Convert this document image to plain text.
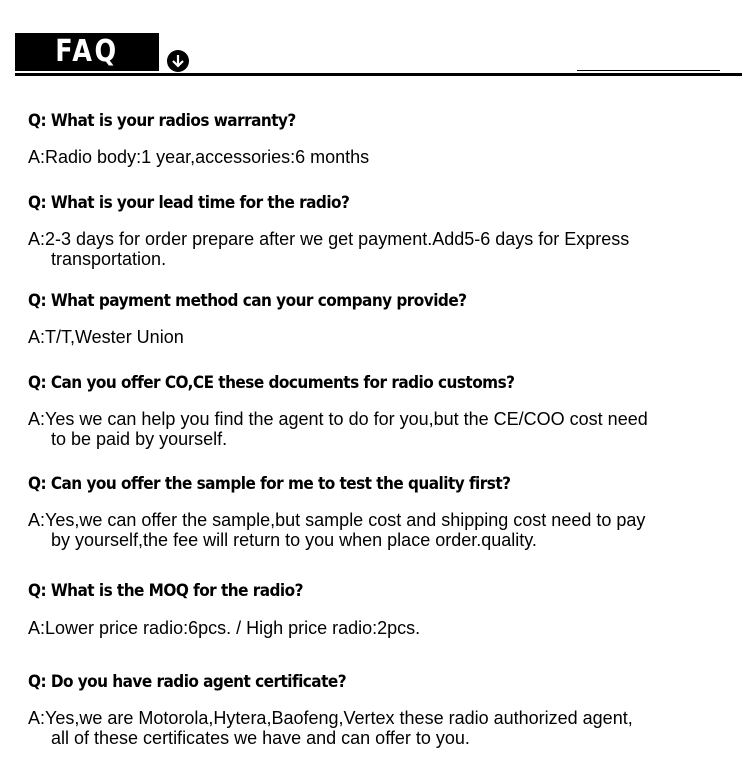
FAQ
Q: What is your radios warranty?
A:Radio body:1 year,accessories:6 months
Q: What is your lead time for the radio?
A:2-3 days for order prepare after we get payment.Add5-6 days for Express
transportation.
Q: What payment method can your company provide?
A:T/T,Wester Union
Q: Can you offer CO,CE these documents for radio customs?
A:Yes we can help you find the agent to do for you,but the CE/COO cost need
to be paid by yourself.
Q: Can you offer the sample for me to test the quality first?
A:Yes,we can offer the sample,but sample cost and shipping cost need to pay
by yourself,the fee will return to you when place order.quality.
Q: What is the MOQ for the radio?
A:Lower price radio:6pcs. / High price radio:2pcs.
Q: Do you have radio agent certificate?
A:Yes,we are Motorola,Hytera,Baofeng,Vertex these radio authorized agent,
all of these certificates we have and can offer to you.
